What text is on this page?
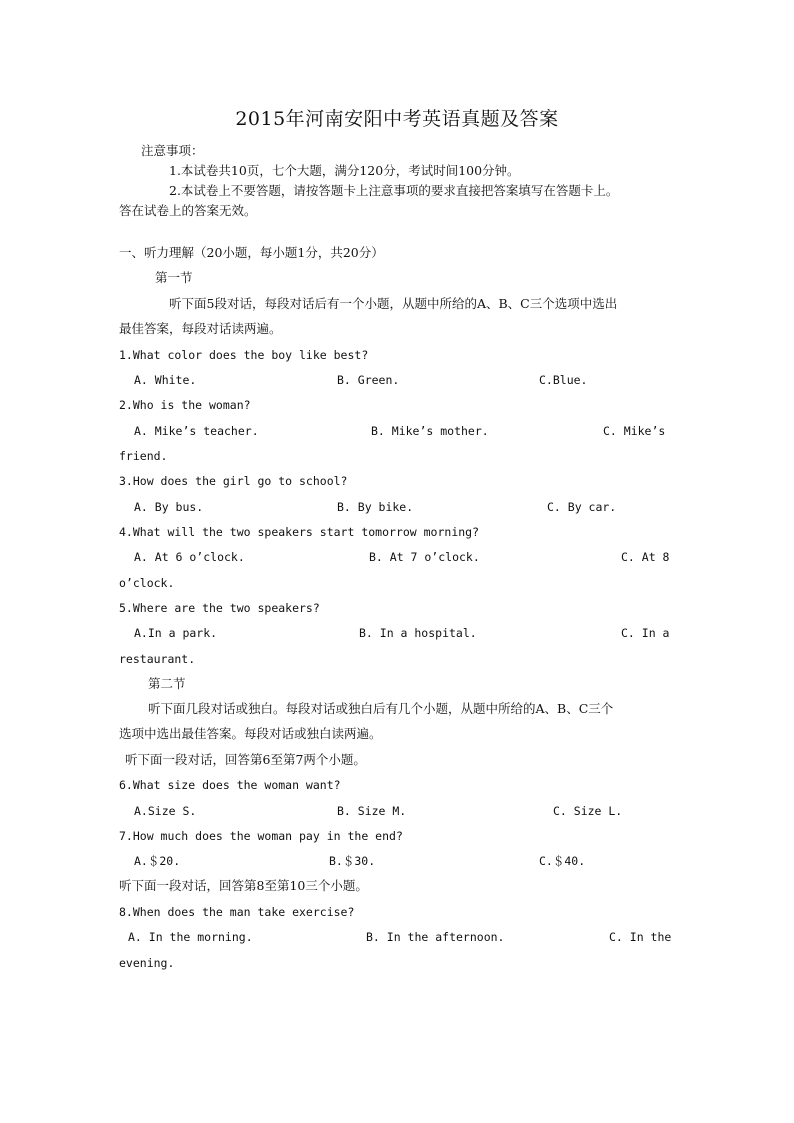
2015年河南安阳中考英语真题及答案
注意事项：
1.本试卷共10页，七个大题，满分120分，考试时间100分钟。
2.本试卷上不要答题，请按答题卡上注意事项的要求直接把答案填写在答题卡上。
答在试卷上的答案无效。
一、听力理解（20小题，每小题1分，共20分）
第一节
听下面5段对话，每段对话后有一个小题，从题中所给的A、B、C三个选项中选出
最佳答案，每段对话读两遍。
1.What color does the boy like best?
A. White.	B. Green.	C.Blue.
2.Who is the woman?
A. Mike’s teacher.	B. Mike’s mother.	C. Mike’s
friend.
3.How does the girl go to school?
A. By bus.	B. By bike.	C. By car.
4.What will the two speakers start tomorrow morning?
A. At 6 o’clock.	B. At 7 o’clock.	C. At 8
o’clock.
5.Where are the two speakers?
A.In a park.	B. In a hospital.	C. In a
restaurant.
第二节
听下面几段对话或独白。每段对话或独白后有几个小题，从题中所给的A、B、C三个
选项中选出最佳答案。每段对话或独白读两遍。
听下面一段对话，回答第6至第7两个小题。
6.What size does the woman want?
A.Size S.	B. Size M.	C. Size L.
7.How much does the woman pay in the end?
A.＄20.	B.＄30.	C.＄40.
听下面一段对话，回答第8至第10三个小题。
8.When does the man take exercise?
A. In the morning.	B. In the afternoon.	C. In the
evening.
